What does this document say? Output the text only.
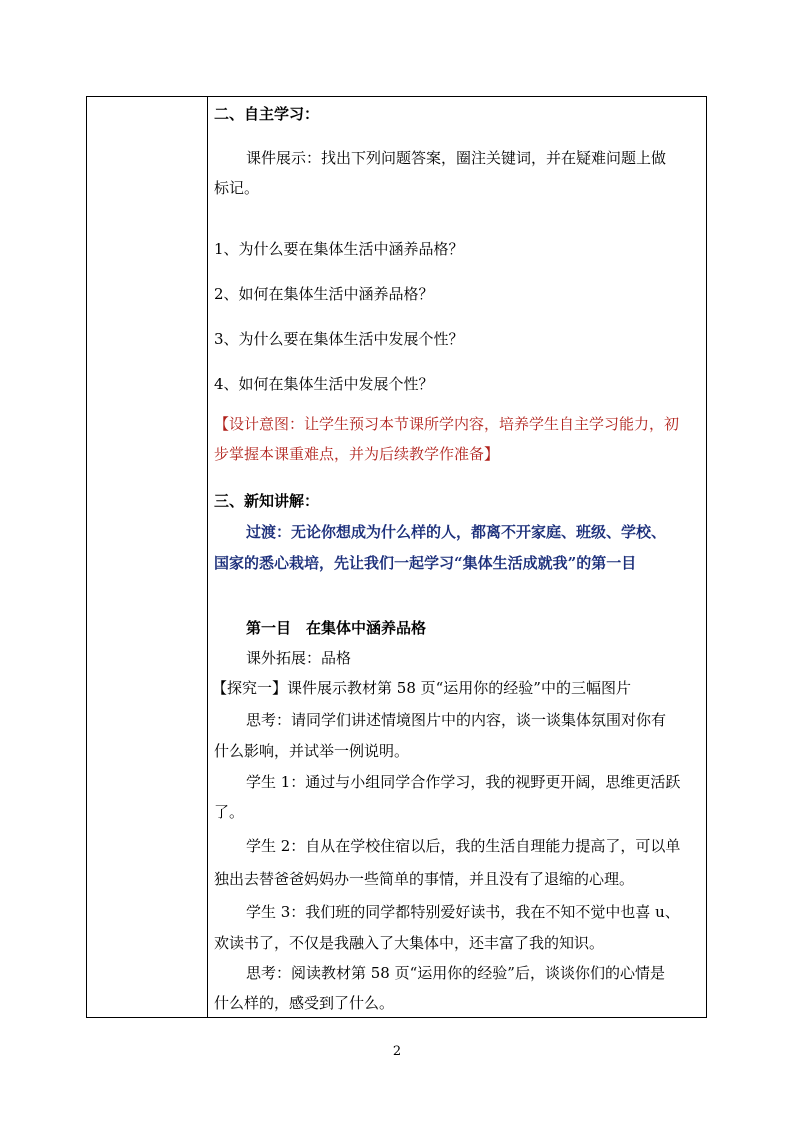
二、自主学习：
课件展示：找出下列问题答案，圈注关键词，并在疑难问题上做
标记。
1、为什么要在集体生活中涵养品格？
2、如何在集体生活中涵养品格？
3、为什么要在集体生活中发展个性？
4、如何在集体生活中发展个性？
【设计意图：让学生预习本节课所学内容，培养学生自主学习能力，初
步掌握本课重难点，并为后续教学作准备】
三、新知讲解：
过渡：无论你想成为什么样的人，都离不开家庭、班级、学校、
国家的悉心栽培，先让我们一起学习“集体生活成就我”的第一目
第一目　在集体中涵养品格
课外拓展：品格
【探究一】课件展示教材第 58 页“运用你的经验”中的三幅图片
思考：请同学们讲述情境图片中的内容，谈一谈集体氛围对你有
什么影响，并试举一例说明。
学生 1：通过与小组同学合作学习，我的视野更开阔，思维更活跃
了。
学生 2：自从在学校住宿以后，我的生活自理能力提高了，可以单
独出去替爸爸妈妈办一些简单的事情，并且没有了退缩的心理。
学生 3：我们班的同学都特别爱好读书，我在不知不觉中也喜 u、
欢读书了，不仅是我融入了大集体中，还丰富了我的知识。
思考：阅读教材第 58 页“运用你的经验”后，谈谈你们的心情是
什么样的，感受到了什么。
2
